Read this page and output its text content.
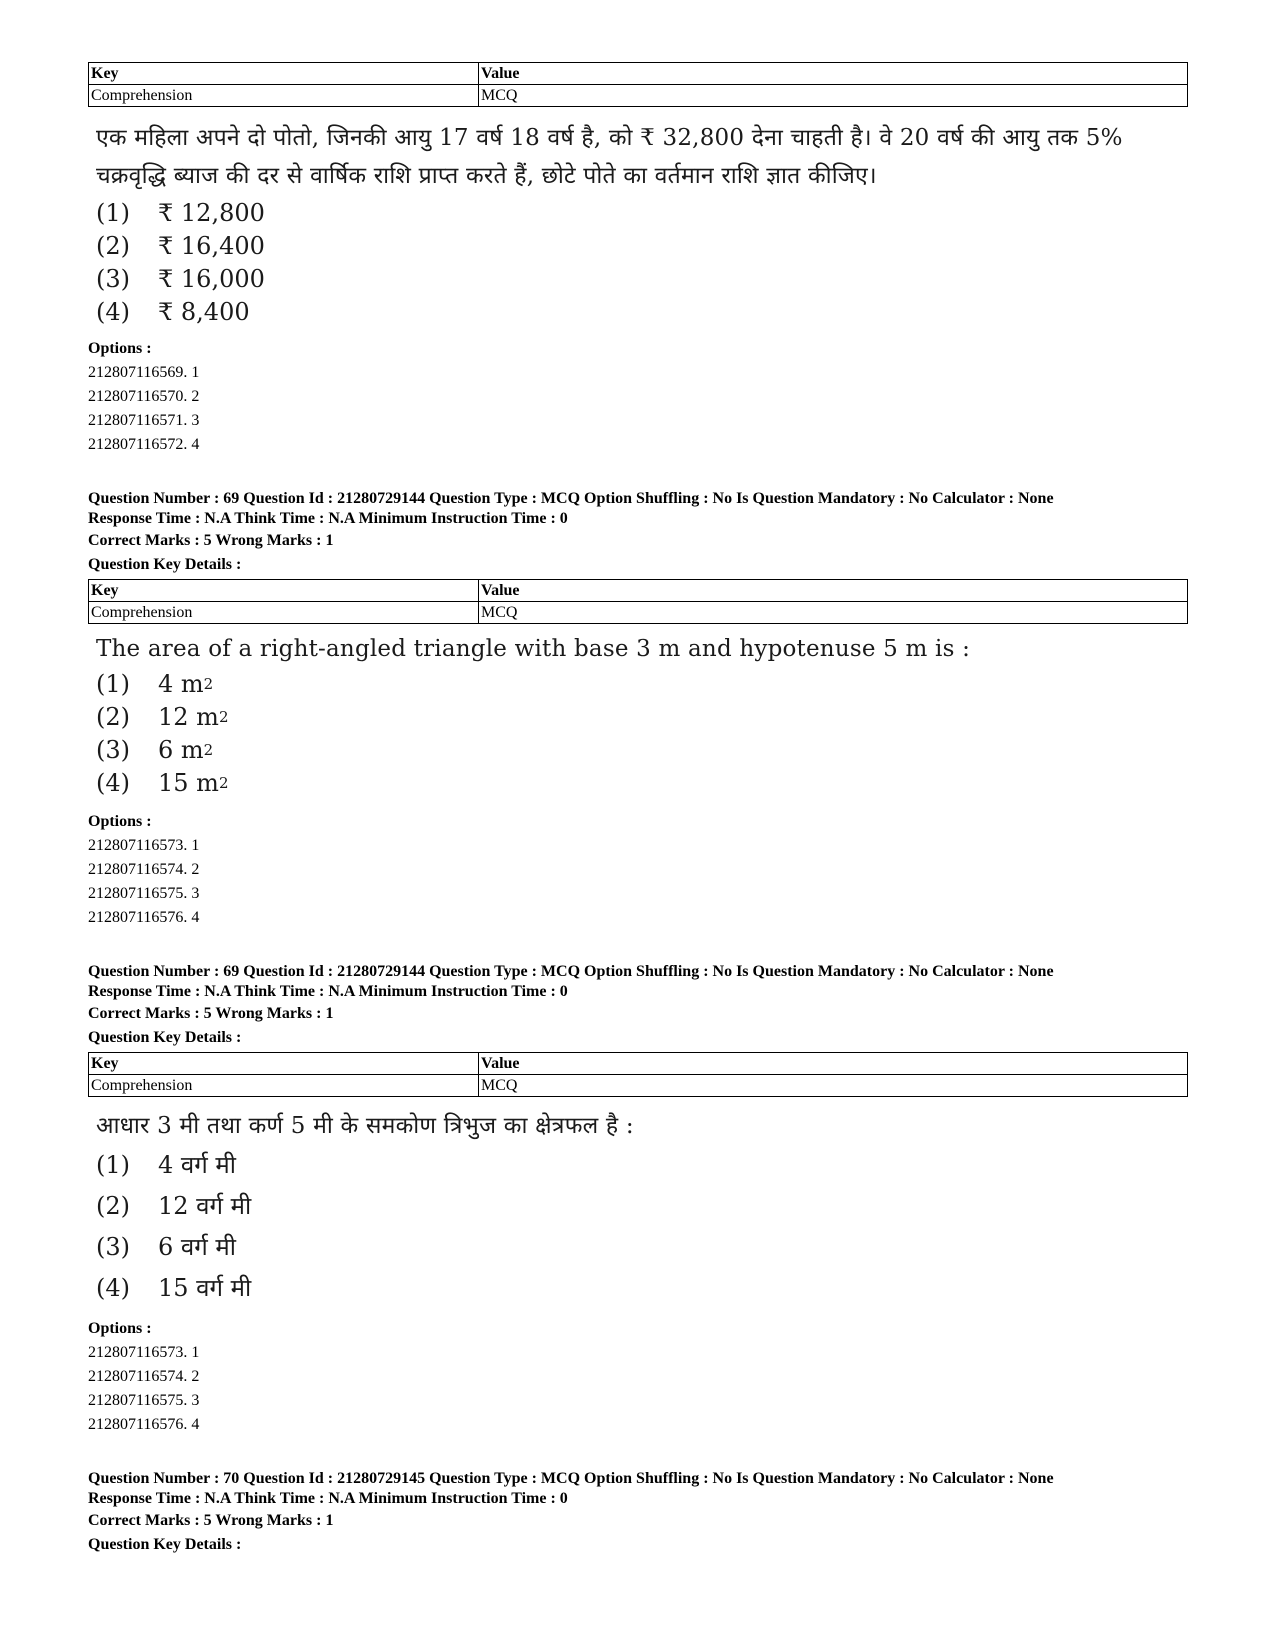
Key	Value
Comprehension	MCQ
एक महिला अपने दो पोतो, जिनकी आयु 17 वर्ष 18 वर्ष है, को ₹ 32,800 देना चाहती है। वे 20 वर्ष की आयु तक 5%
चक्रवृद्धि ब्याज की दर से वार्षिक राशि प्राप्त करते हैं, छोटे पोते का वर्तमान राशि ज्ञात कीजिए।
(1)	₹ 12,800
(2)	₹ 16,400
(3)	₹ 16,000
(4)	₹ 8,400
Options :
212807116569. 1
212807116570. 2
212807116571. 3
212807116572. 4
Question Number : 69 Question Id : 21280729144 Question Type : MCQ Option Shuffling : No Is Question Mandatory : No Calculator : None
Response Time : N.A Think Time : N.A Minimum Instruction Time : 0
Correct Marks : 5 Wrong Marks : 1
Question Key Details :
Key	Value
Comprehension	MCQ
The area of a right-angled triangle with base 3 m and hypotenuse 5 m is :
(1)	4 m 2
(2)	12 m 2
(3)	6 m 2
(4)	15 m 2
Options :
212807116573. 1
212807116574. 2
212807116575. 3
212807116576. 4
Question Number : 69 Question Id : 21280729144 Question Type : MCQ Option Shuffling : No Is Question Mandatory : No Calculator : None
Response Time : N.A Think Time : N.A Minimum Instruction Time : 0
Correct Marks : 5 Wrong Marks : 1
Question Key Details :
Key	Value
Comprehension	MCQ
आधार 3 मी तथा कर्ण 5 मी के समकोण त्रिभुज का क्षेत्रफल है :
(1)	4 वर्ग मी
(2)	12 वर्ग मी
(3)	6 वर्ग मी
(4)	15 वर्ग मी
Options :
212807116573. 1
212807116574. 2
212807116575. 3
212807116576. 4
Question Number : 70 Question Id : 21280729145 Question Type : MCQ Option Shuffling : No Is Question Mandatory : No Calculator : None
Response Time : N.A Think Time : N.A Minimum Instruction Time : 0
Correct Marks : 5 Wrong Marks : 1
Question Key Details :
